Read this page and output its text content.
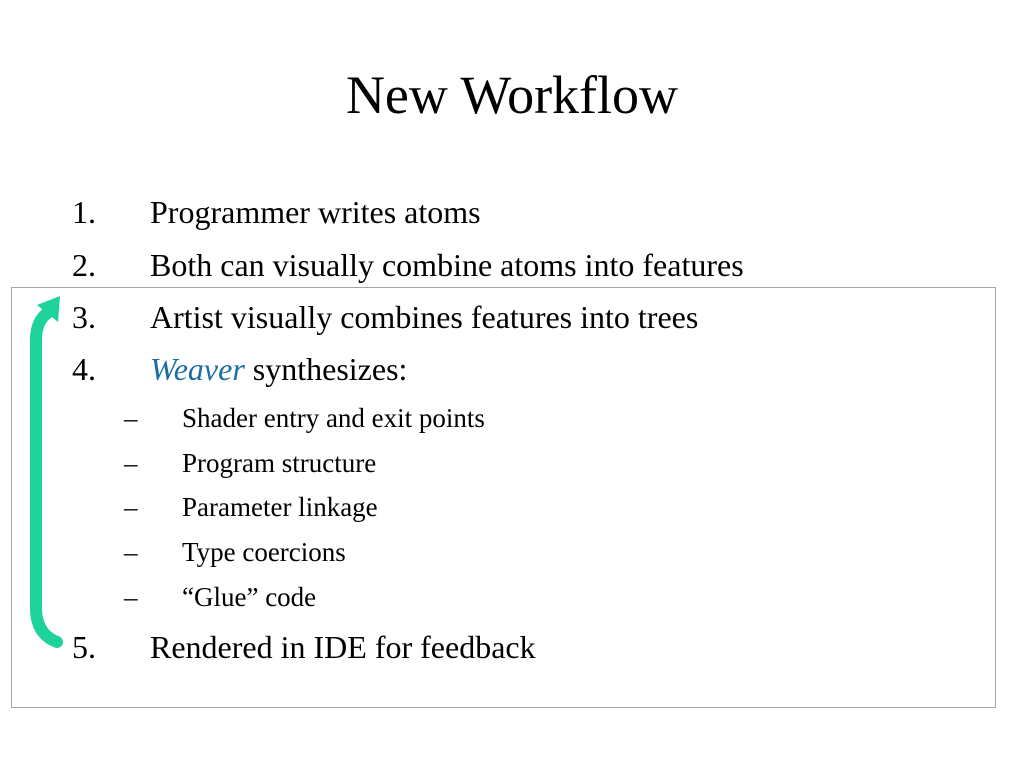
New Workflow
1. Programmer writes atoms
2. Both can visually combine atoms into features
3. Artist visually combines features into trees
4. Weaver synthesizes:
– Shader entry and exit points
– Program structure
– Parameter linkage
– Type coercions
– “Glue” code
5. Rendered in IDE for feedback
